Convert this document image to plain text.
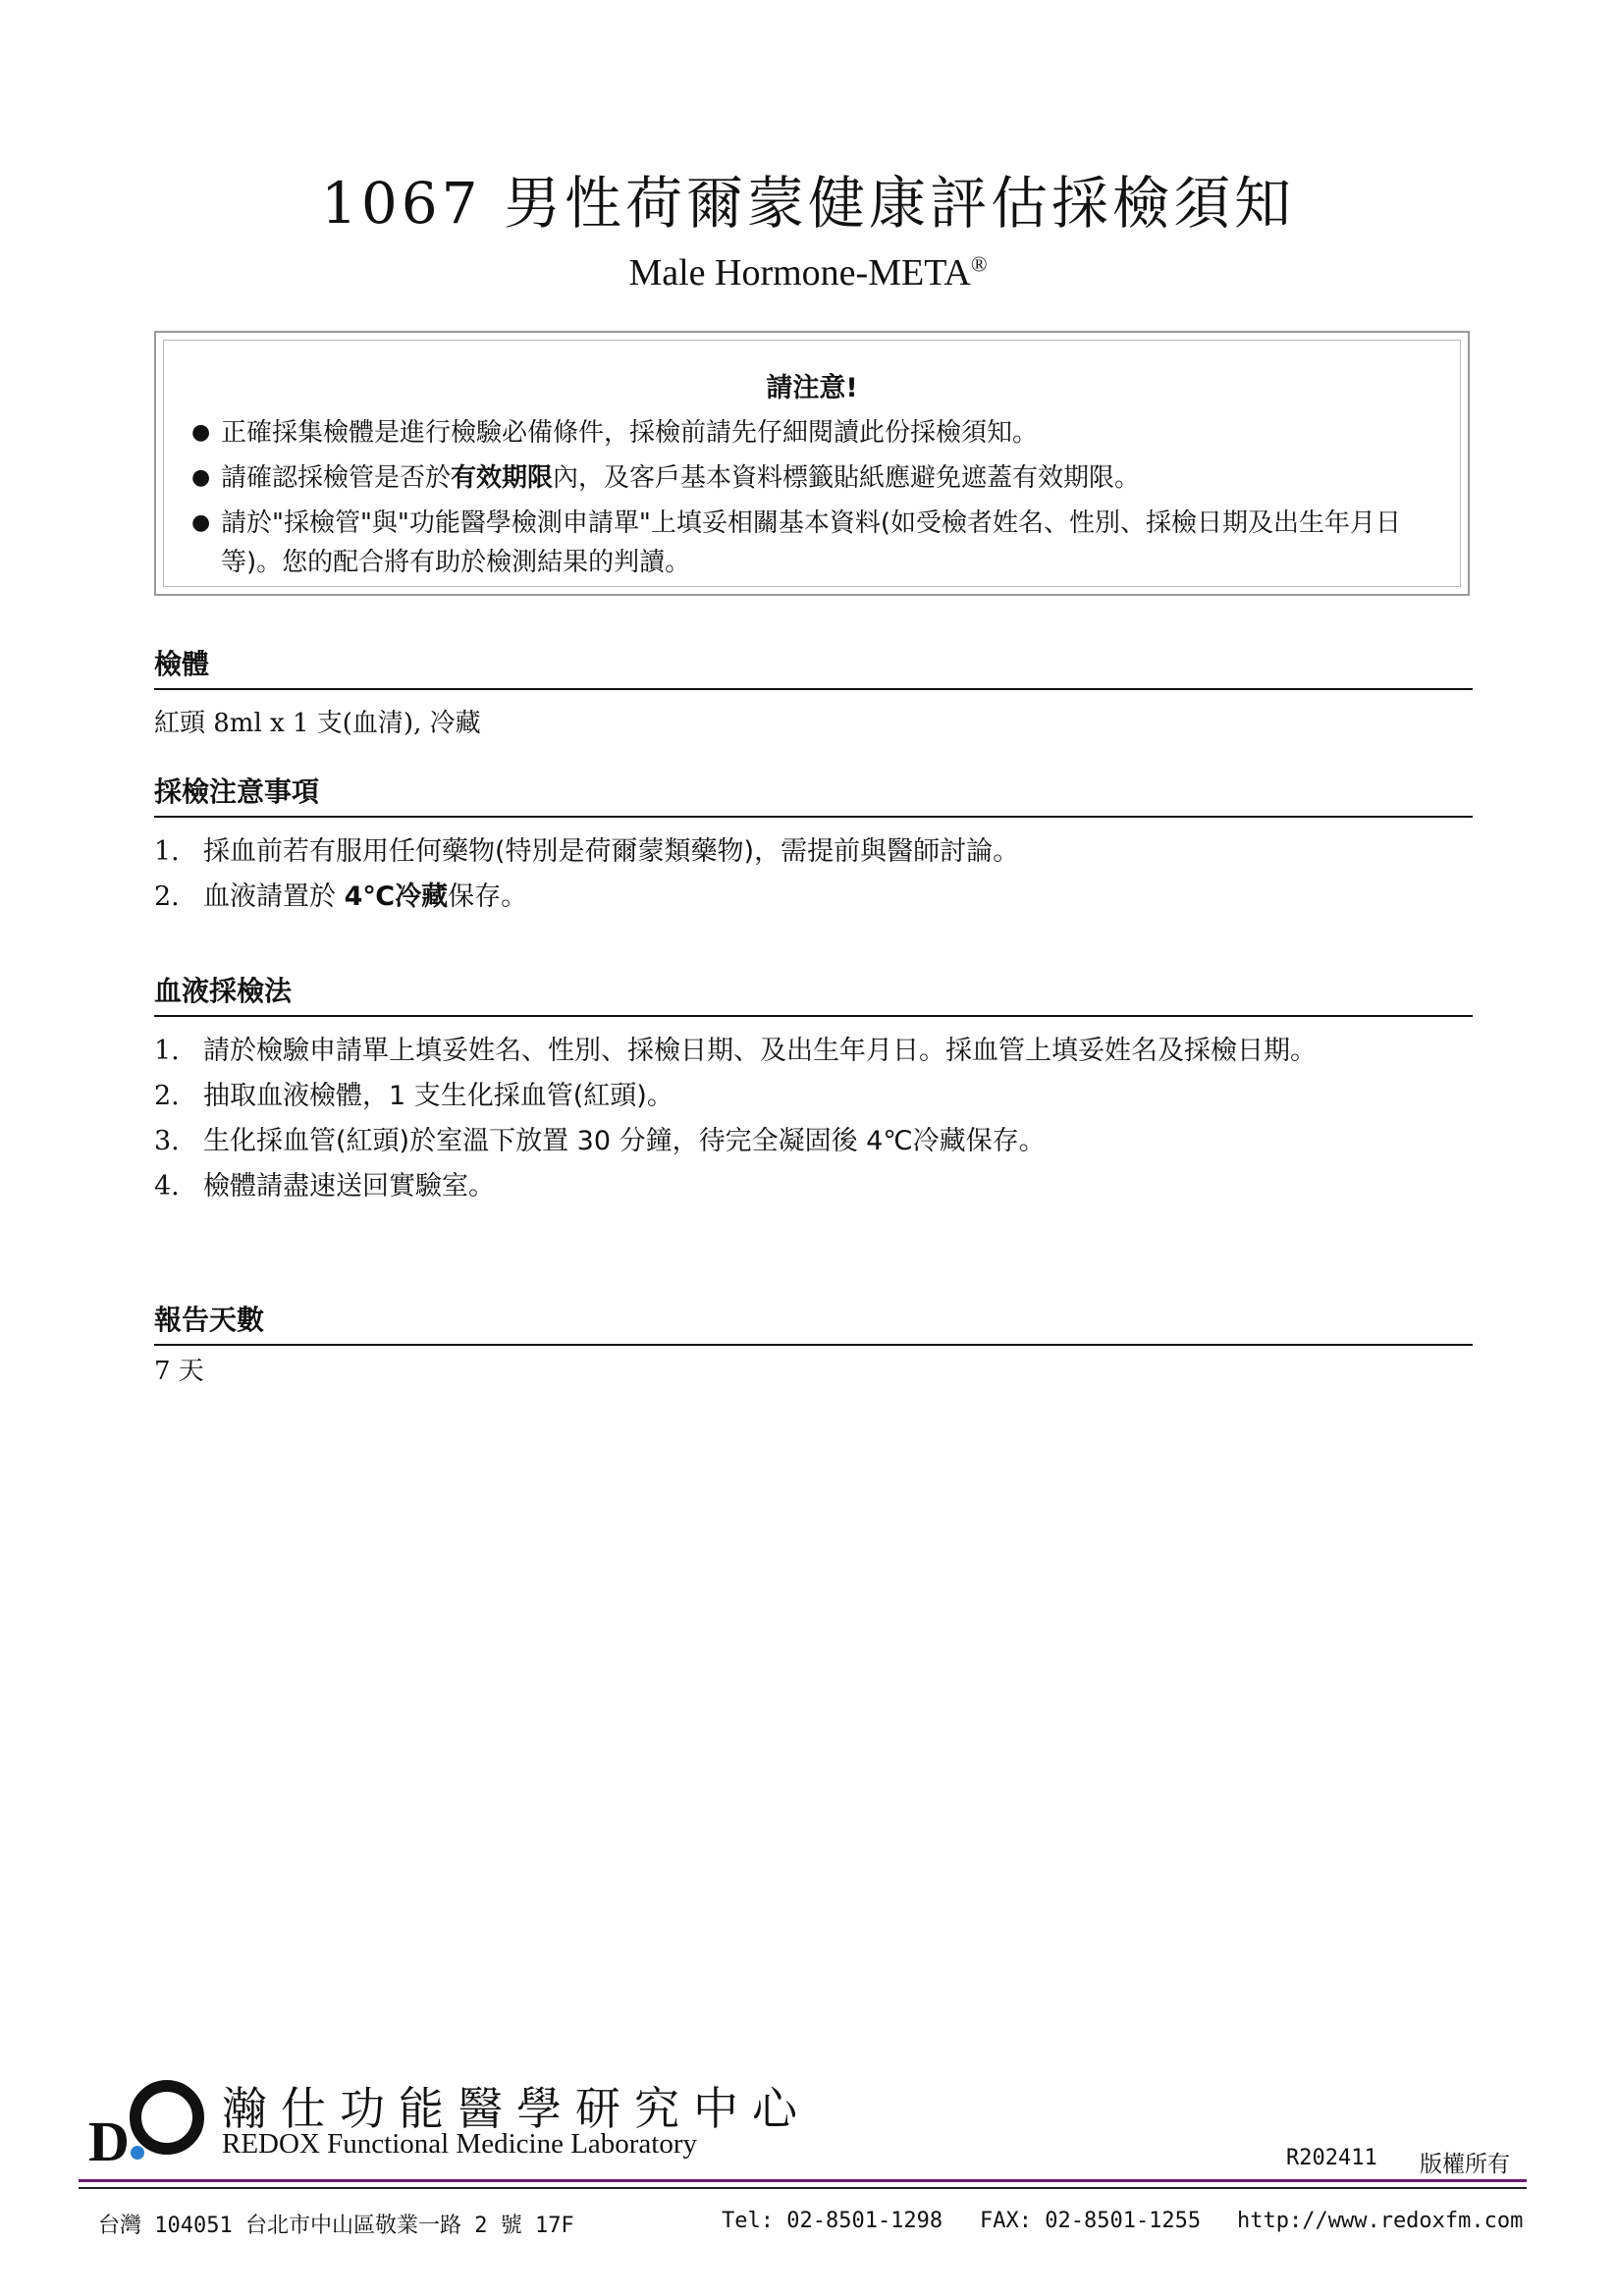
1067 男性荷爾蒙健康評估採檢須知
Male Hormone-META®
請注意!
● 正確採集檢體是進行檢驗必備條件，採檢前請先仔細閱讀此份採檢須知。
● 請確認採檢管是否於有效期限內，及客戶基本資料標籤貼紙應避免遮蓋有效期限。
● 請於"採檢管"與"功能醫學檢測申請單"上填妥相關基本資料(如受檢者姓名、性別、採檢日期及出生年月日等)。您的配合將有助於檢測結果的判讀。
檢體
紅頭 8ml x 1 支(血清), 冷藏
採檢注意事項
1. 採血前若有服用任何藥物(特別是荷爾蒙類藥物)，需提前與醫師討論。
2. 血液請置於 4℃冷藏保存。
血液採檢法
1. 請於檢驗申請單上填妥姓名、性別、採檢日期、及出生年月日。採血管上填妥姓名及採檢日期。
2. 抽取血液檢體，1 支生化採血管(紅頭)。
3. 生化採血管(紅頭)於室溫下放置 30 分鐘，待完全凝固後 4℃冷藏保存。
4. 檢體請盡速送回實驗室。
報告天數
7 天
D
瀚仕功能醫學研究中心
REDOX Functional Medicine Laboratory	R202411 版權所有
台灣 104051 台北市中山區敬業一路 2 號 17F	Tel: 02-8501-1298 FAX: 02-8501-1255 http://www.redoxfm.com
